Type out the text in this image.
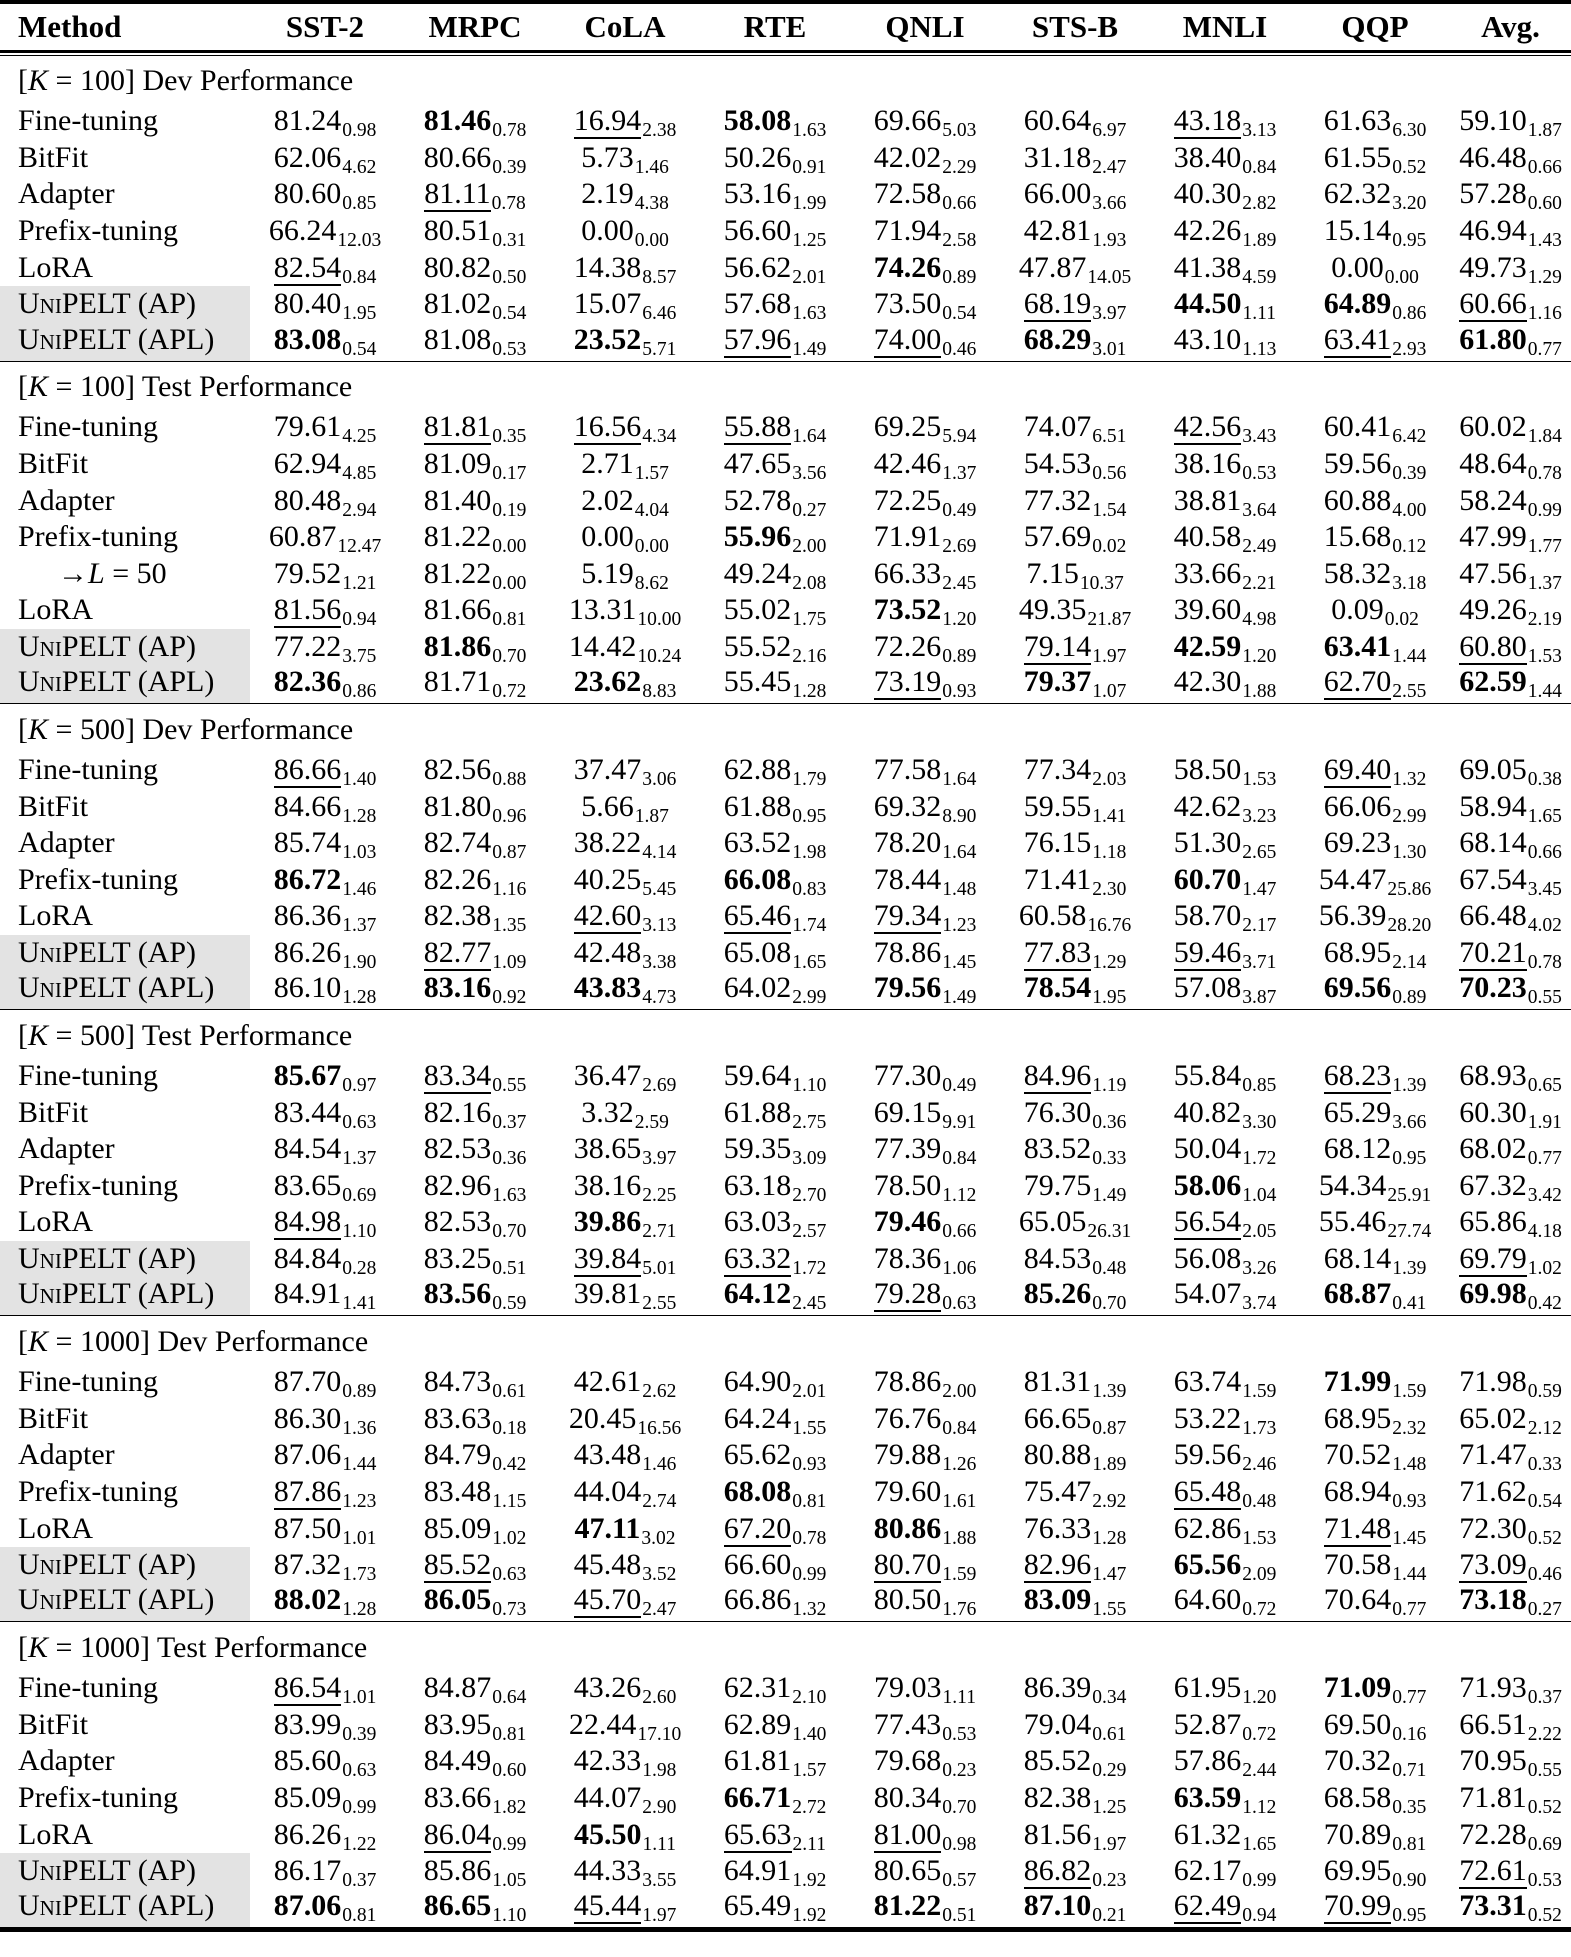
Method	SST-2	MRPC	CoLA	RTE	QNLI	STS-B	MNLI	QQP	Avg.

[K = 100] Dev Performance									
Fine-tuning	81.240.98	81.460.78	16.942.38	58.081.63	69.665.03	60.646.97	43.183.13	61.636.30	59.101.87
BitFit	62.064.62	80.660.39	5.731.46	50.260.91	42.022.29	31.182.47	38.400.84	61.550.52	46.480.66
Adapter	80.600.85	81.110.78	2.194.38	53.161.99	72.580.66	66.003.66	40.302.82	62.323.20	57.280.60
Prefix-tuning	66.2412.03	80.510.31	0.000.00	56.601.25	71.942.58	42.811.93	42.261.89	15.140.95	46.941.43
LoRA	82.540.84	80.820.50	14.388.57	56.622.01	74.260.89	47.8714.05	41.384.59	0.000.00	49.731.29
UniPELT (AP)	80.401.95	81.020.54	15.076.46	57.681.63	73.500.54	68.193.97	44.501.11	64.890.86	60.661.16
UniPELT (APL)	83.080.54	81.080.53	23.525.71	57.961.49	74.000.46	68.293.01	43.101.13	63.412.93	61.800.77
[K = 100] Test Performance									
Fine-tuning	79.614.25	81.810.35	16.564.34	55.881.64	69.255.94	74.076.51	42.563.43	60.416.42	60.021.84
BitFit	62.944.85	81.090.17	2.711.57	47.653.56	42.461.37	54.530.56	38.160.53	59.560.39	48.640.78
Adapter	80.482.94	81.400.19	2.024.04	52.780.27	72.250.49	77.321.54	38.813.64	60.884.00	58.240.99
Prefix-tuning	60.8712.47	81.220.00	0.000.00	55.962.00	71.912.69	57.690.02	40.582.49	15.680.12	47.991.77
→L = 50	79.521.21	81.220.00	5.198.62	49.242.08	66.332.45	7.1510.37	33.662.21	58.323.18	47.561.37
LoRA	81.560.94	81.660.81	13.3110.00	55.021.75	73.521.20	49.3521.87	39.604.98	0.090.02	49.262.19
UniPELT (AP)	77.223.75	81.860.70	14.4210.24	55.522.16	72.260.89	79.141.97	42.591.20	63.411.44	60.801.53
UniPELT (APL)	82.360.86	81.710.72	23.628.83	55.451.28	73.190.93	79.371.07	42.301.88	62.702.55	62.591.44
[K = 500] Dev Performance									
Fine-tuning	86.661.40	82.560.88	37.473.06	62.881.79	77.581.64	77.342.03	58.501.53	69.401.32	69.050.38
BitFit	84.661.28	81.800.96	5.661.87	61.880.95	69.328.90	59.551.41	42.623.23	66.062.99	58.941.65
Adapter	85.741.03	82.740.87	38.224.14	63.521.98	78.201.64	76.151.18	51.302.65	69.231.30	68.140.66
Prefix-tuning	86.721.46	82.261.16	40.255.45	66.080.83	78.441.48	71.412.30	60.701.47	54.4725.86	67.543.45
LoRA	86.361.37	82.381.35	42.603.13	65.461.74	79.341.23	60.5816.76	58.702.17	56.3928.20	66.484.02
UniPELT (AP)	86.261.90	82.771.09	42.483.38	65.081.65	78.861.45	77.831.29	59.463.71	68.952.14	70.210.78
UniPELT (APL)	86.101.28	83.160.92	43.834.73	64.022.99	79.561.49	78.541.95	57.083.87	69.560.89	70.230.55
[K = 500] Test Performance									
Fine-tuning	85.670.97	83.340.55	36.472.69	59.641.10	77.300.49	84.961.19	55.840.85	68.231.39	68.930.65
BitFit	83.440.63	82.160.37	3.322.59	61.882.75	69.159.91	76.300.36	40.823.30	65.293.66	60.301.91
Adapter	84.541.37	82.530.36	38.653.97	59.353.09	77.390.84	83.520.33	50.041.72	68.120.95	68.020.77
Prefix-tuning	83.650.69	82.961.63	38.162.25	63.182.70	78.501.12	79.751.49	58.061.04	54.3425.91	67.323.42
LoRA	84.981.10	82.530.70	39.862.71	63.032.57	79.460.66	65.0526.31	56.542.05	55.4627.74	65.864.18
UniPELT (AP)	84.840.28	83.250.51	39.845.01	63.321.72	78.361.06	84.530.48	56.083.26	68.141.39	69.791.02
UniPELT (APL)	84.911.41	83.560.59	39.812.55	64.122.45	79.280.63	85.260.70	54.073.74	68.870.41	69.980.42
[K = 1000] Dev Performance									
Fine-tuning	87.700.89	84.730.61	42.612.62	64.902.01	78.862.00	81.311.39	63.741.59	71.991.59	71.980.59
BitFit	86.301.36	83.630.18	20.4516.56	64.241.55	76.760.84	66.650.87	53.221.73	68.952.32	65.022.12
Adapter	87.061.44	84.790.42	43.481.46	65.620.93	79.881.26	80.881.89	59.562.46	70.521.48	71.470.33
Prefix-tuning	87.861.23	83.481.15	44.042.74	68.080.81	79.601.61	75.472.92	65.480.48	68.940.93	71.620.54
LoRA	87.501.01	85.091.02	47.113.02	67.200.78	80.861.88	76.331.28	62.861.53	71.481.45	72.300.52
UniPELT (AP)	87.321.73	85.520.63	45.483.52	66.600.99	80.701.59	82.961.47	65.562.09	70.581.44	73.090.46
UniPELT (APL)	88.021.28	86.050.73	45.702.47	66.861.32	80.501.76	83.091.55	64.600.72	70.640.77	73.180.27
[K = 1000] Test Performance									
Fine-tuning	86.541.01	84.870.64	43.262.60	62.312.10	79.031.11	86.390.34	61.951.20	71.090.77	71.930.37
BitFit	83.990.39	83.950.81	22.4417.10	62.891.40	77.430.53	79.040.61	52.870.72	69.500.16	66.512.22
Adapter	85.600.63	84.490.60	42.331.98	61.811.57	79.680.23	85.520.29	57.862.44	70.320.71	70.950.55
Prefix-tuning	85.090.99	83.661.82	44.072.90	66.712.72	80.340.70	82.381.25	63.591.12	68.580.35	71.810.52
LoRA	86.261.22	86.040.99	45.501.11	65.632.11	81.000.98	81.561.97	61.321.65	70.890.81	72.280.69
UniPELT (AP)	86.170.37	85.861.05	44.333.55	64.911.92	80.650.57	86.820.23	62.170.99	69.950.90	72.610.53
UniPELT (APL)	87.060.81	86.651.10	45.441.97	65.491.92	81.220.51	87.100.21	62.490.94	70.990.95	73.310.52
